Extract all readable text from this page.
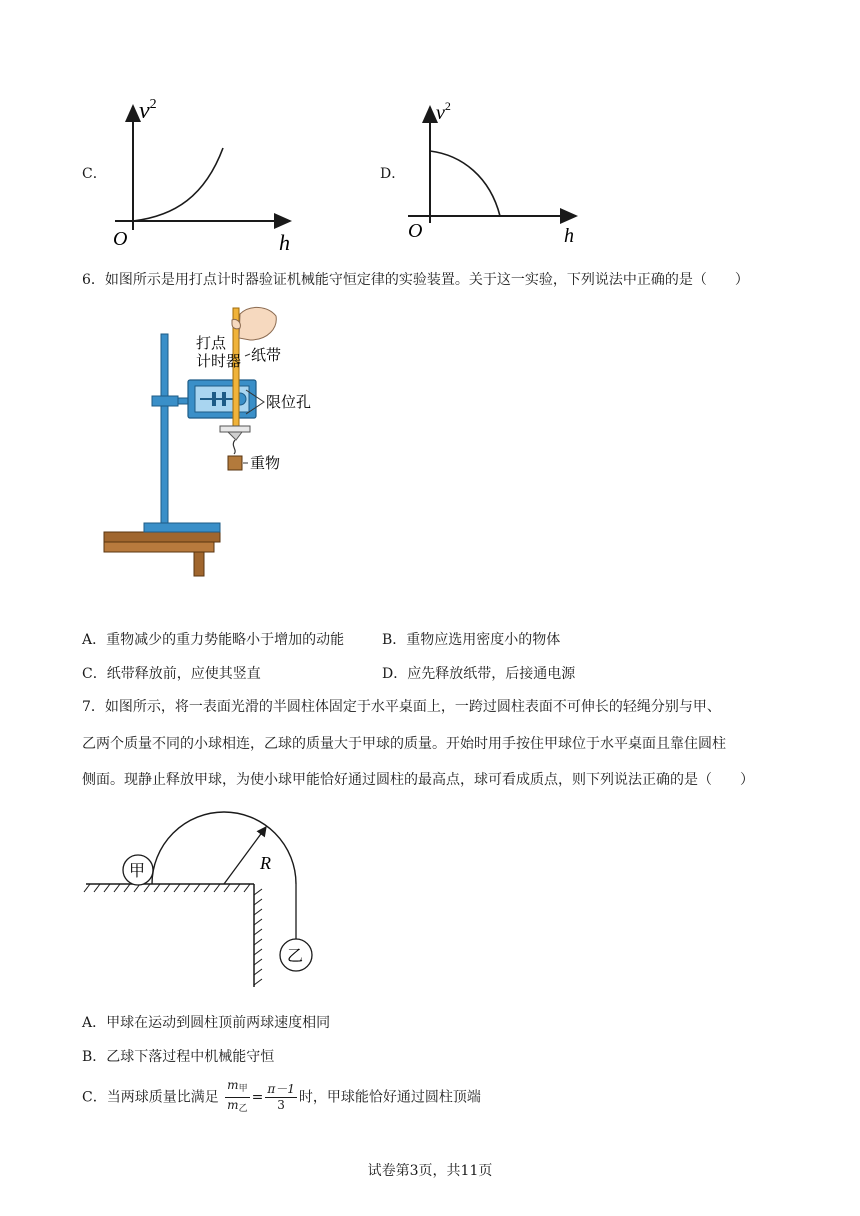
C．
$v^2$
O	h
D．
$v^2$
O	h
6．如图所示是用打点计时器验证机械能守恒定律的实验装置。关于这一实验，下列说法中正确的是（　　）
打点
计时器 纸带
限位孔
重物
A．重物减少的重力势能略小于增加的动能	B．重物应选用密度小的物体
C．纸带释放前，应使其竖直	D．应先释放纸带，后接通电源
7．如图所示，将一表面光滑的半圆柱体固定于水平桌面上，一跨过圆柱表面不可伸长的轻绳分别与甲、
乙两个质量不同的小球相连，乙球的质量大于甲球的质量。开始时用手按住甲球位于水平桌面且靠住圆柱
侧面。现静止释放甲球，为使小球甲能恰好通过圆柱的最高点，球可看成质点，则下列说法正确的是（　　）
R
甲
乙
A．甲球在运动到圆柱顶前两球速度相同
B．乙球下落过程中机械能守恒
C．当两球质量比满足 $\frac{m_甲}{m_乙} = \frac{\pi-1}{3}$ 时，甲球能恰好通过圆柱顶端
试卷第3页，共11页
